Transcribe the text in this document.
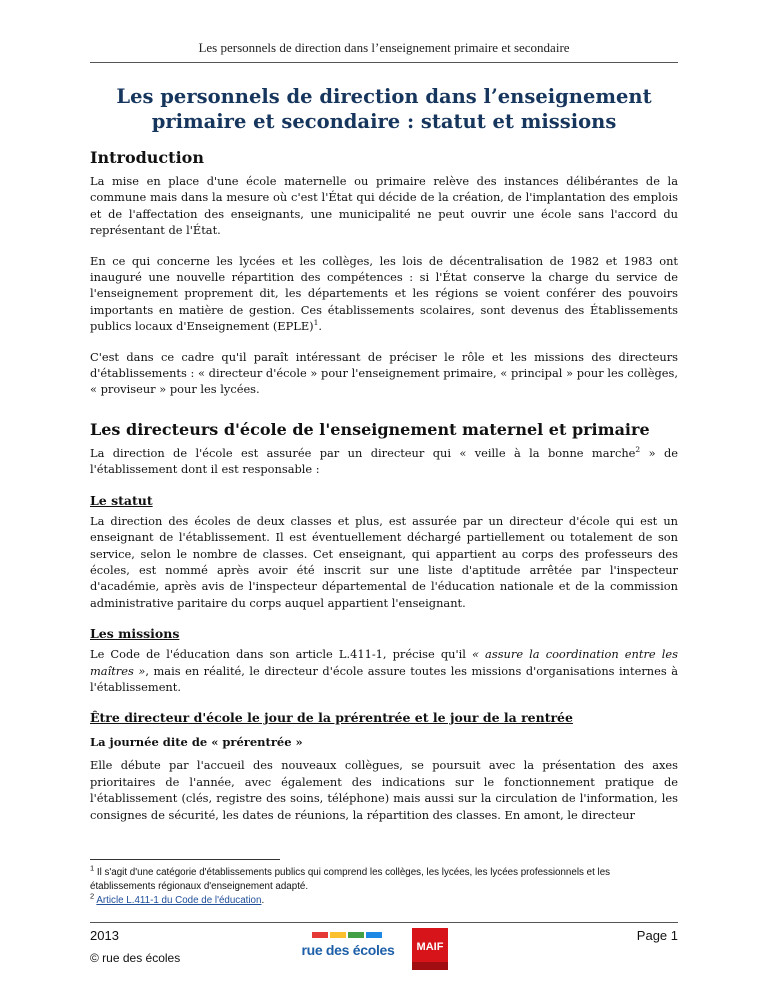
Les personnels de direction dans l’enseignement primaire et secondaire
Les personnels de direction dans l’enseignement primaire et secondaire : statut et missions
Introduction

La mise en place d'une école maternelle ou primaire relève des instances délibérantes de la commune mais dans la mesure où c'est l'État qui décide de la création, de l'implantation des emplois et de l'affectation des enseignants, une municipalité ne peut ouvrir une école sans l'accord du représentant de l'État.

En ce qui concerne les lycées et les collèges, les lois de décentralisation de 1982 et 1983 ont inauguré une nouvelle répartition des compétences : si l'État conserve la charge du service de l'enseignement proprement dit, les départements et les régions se voient conférer des pouvoirs importants en matière de gestion. Ces établissements scolaires, sont devenus des Établissements publics locaux d'Enseignement (EPLE)$^1$.

C'est dans ce cadre qu'il paraît intéressant de préciser le rôle et les missions des directeurs d'établissements : « directeur d'école » pour l'enseignement primaire, « principal » pour les collèges, « proviseur » pour les lycées.

Les directeurs d'école de l'enseignement maternel et primaire

La direction de l'école est assurée par un directeur qui « veille à la bonne marche$^2$ » de l'établissement dont il est responsable :

Le statut

La direction des écoles de deux classes et plus, est assurée par un directeur d'école qui est un enseignant de l'établissement. Il est éventuellement déchargé partiellement ou totalement de son service, selon le nombre de classes. Cet enseignant, qui appartient au corps des professeurs des écoles, est nommé après avoir été inscrit sur une liste d'aptitude arrêtée par l'inspecteur d'académie, après avis de l'inspecteur départemental de l'éducation nationale et de la commission administrative paritaire du corps auquel appartient l'enseignant.

Les missions

Le Code de l'éducation dans son article L.411-1, précise qu'il « assure la coordination entre les maîtres », mais en réalité, le directeur d'école assure toutes les missions d'organisations internes à l'établissement.

Être directeur d'école le jour de la prérentrée et le jour de la rentrée
La journée dite de « prérentrée »

Elle débute par l'accueil des nouveaux collègues, se poursuit avec la présentation des axes prioritaires de l'année, avec également des indications sur le fonctionnement pratique de l'établissement (clés, registre des soins, téléphone) mais aussi sur la circulation de l'information, les consignes de sécurité, les dates de réunions, la répartition des classes. En amont, le directeur

$^1$ Il s'agit d'une catégorie d'établissements publics qui comprend les collèges, les lycées, les lycées professionnels et les établissements régionaux d'enseignement adapté.
$^2$ Article L.411-1 du Code de l'éducation.
2013
© rue des écoles
Page 1
rue des écoles MAIF
